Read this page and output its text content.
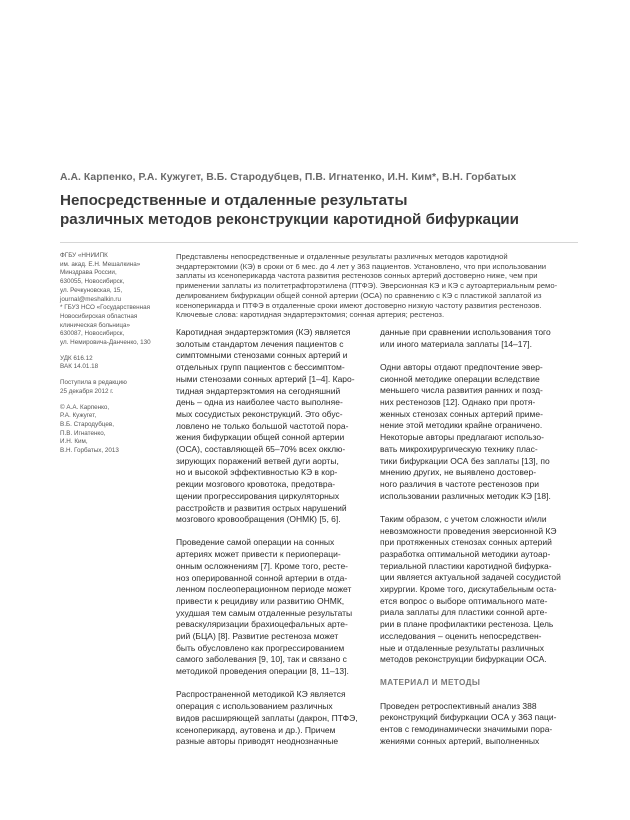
А.А. Карпенко, Р.А. Кужугет, В.Б. Стародубцев, П.В. Игнатенко, И.Н. Ким*, В.Н. Горбатых
Непосредственные и отдаленные результаты
различных методов реконструкции каротидной бифуркации
ФГБУ «ННИИПК
им. акад. Е.Н. Мешалкина»
Минздрава России,
630055, Новосибирск,
ул. Речкуновская, 15,
journal@meshalkin.ru
* ГБУЗ НСО «Государственная
Новосибирская областная
клиническая больница»
630087, Новосибирск,
ул. Немировича-Данченко, 130
УДК 616.12
ВАК 14.01.18
Поступила в редакцию
25 декабря 2012 г.
© А.А. Карпенко,
Р.А. Кужугет,
В.Б. Стародубцев,
П.В. Игнатенко,
И.Н. Ким,
В.Н. Горбатых, 2013
Представлены непосредственные и отдаленные результаты различных методов каротидной
эндартерэктомии (КЭ) в сроки от 6 мес. до 4 лет у 363 пациентов. Установлено, что при использовании
заплаты из ксеноперикарда частота развития рестенозов сонных артерий достоверно ниже, чем при
применении заплаты из политетрафторэтилена (ПТФЭ). Эверсионная КЭ и КЭ с аутоартериальным ремо-
делированием бифуркации общей сонной артерии (ОСА) по сравнению с КЭ с пластикой заплатой из
ксеноперикарда и ПТФЭ в отдаленные сроки имеют достоверно низкую частоту развития рестенозов.
Ключевые слова: каротидная эндартерэктомия; сонная артерия; рестеноз.
Каротидная эндартерэктомия (КЭ) является
золотым стандартом лечения пациентов с
симптомными стенозами сонных артерий и
отдельных групп пациентов с бессимптом-
ными стенозами сонных артерий [1–4]. Каро-
тидная эндартерэктомия на сегодняшний
день – одна из наиболее часто выполняе-
мых сосудистых реконструкций. Это обус-
ловлено не только большой частотой пора-
жения бифуркации общей сонной артерии
(ОСА), составляющей 65–70% всех окклю-
зирующих поражений ветвей дуги аорты,
но и высокой эффективностью КЭ в кор-
рекции мозгового кровотока, предотвра-
щении прогрессирования циркуляторных
расстройств и развития острых нарушений
мозгового кровообращения (ОНМК) [5, 6].
Проведение самой операции на сонных
артериях может привести к периопераци-
онным осложнениям [7]. Кроме того, рестe-
ноз оперированной сонной артерии в отда-
ленном послеоперационном периоде может
привести к рецидиву или развитию ОНМК,
ухудшая тем самым отдаленные результаты
реваскуляризации брахиоцефальных арте-
рий (БЦА) [8]. Развитие рестеноза может
быть обусловлено как прогрессированием
самого заболевания [9, 10], так и связано с
методикой проведения операции [8, 11–13].
Распространенной методикой КЭ является
операция с использованием различных
видов расширяющей заплаты (дакрон, ПТФЭ,
ксеноперикард, аутовена и др.). Причем
разные авторы приводят неоднозначные
данные при сравнении использования того
или иного материала заплаты [14–17].
Одни авторы отдают предпочтение эвер-
сионной методике операции вследствие
меньшего числа развития ранних и позд-
них рестенозов [12]. Однако при протя-
женных стенозах сонных артерий приме-
нение этой методики крайне ограничено.
Некоторые авторы предлагают использо-
вать микрохирургическую технику плас-
тики бифуркации ОСА без заплаты [13], по
мнению других, не выявлено достовер-
ного различия в частоте рестенозов при
использовании различных методик КЭ [18].
Таким образом, с учетом сложности и/или
невозможности проведения эверсионной КЭ
при протяженных стенозах сонных артерий
разработка оптимальной методики аутоар-
териальной пластики каротидной бифурка-
ции является актуальной задачей сосудистой
хирургии. Кроме того, дискутабельным оста-
ется вопрос о выборе оптимального мате-
риала заплаты для пластики сонной арте-
рии в плане профилактики рестеноза. Цель
исследования – оценить непосредствен-
ные и отдаленные результаты различных
методов реконструкции бифуркации ОСА.
МАТЕРИАЛ И МЕТОДЫ
Проведен ретроспективный анализ 388
реконструкций бифуркации ОСА у 363 паци-
ентов с гемодинамически значимыми пора-
жениями сонных артерий, выполненных
